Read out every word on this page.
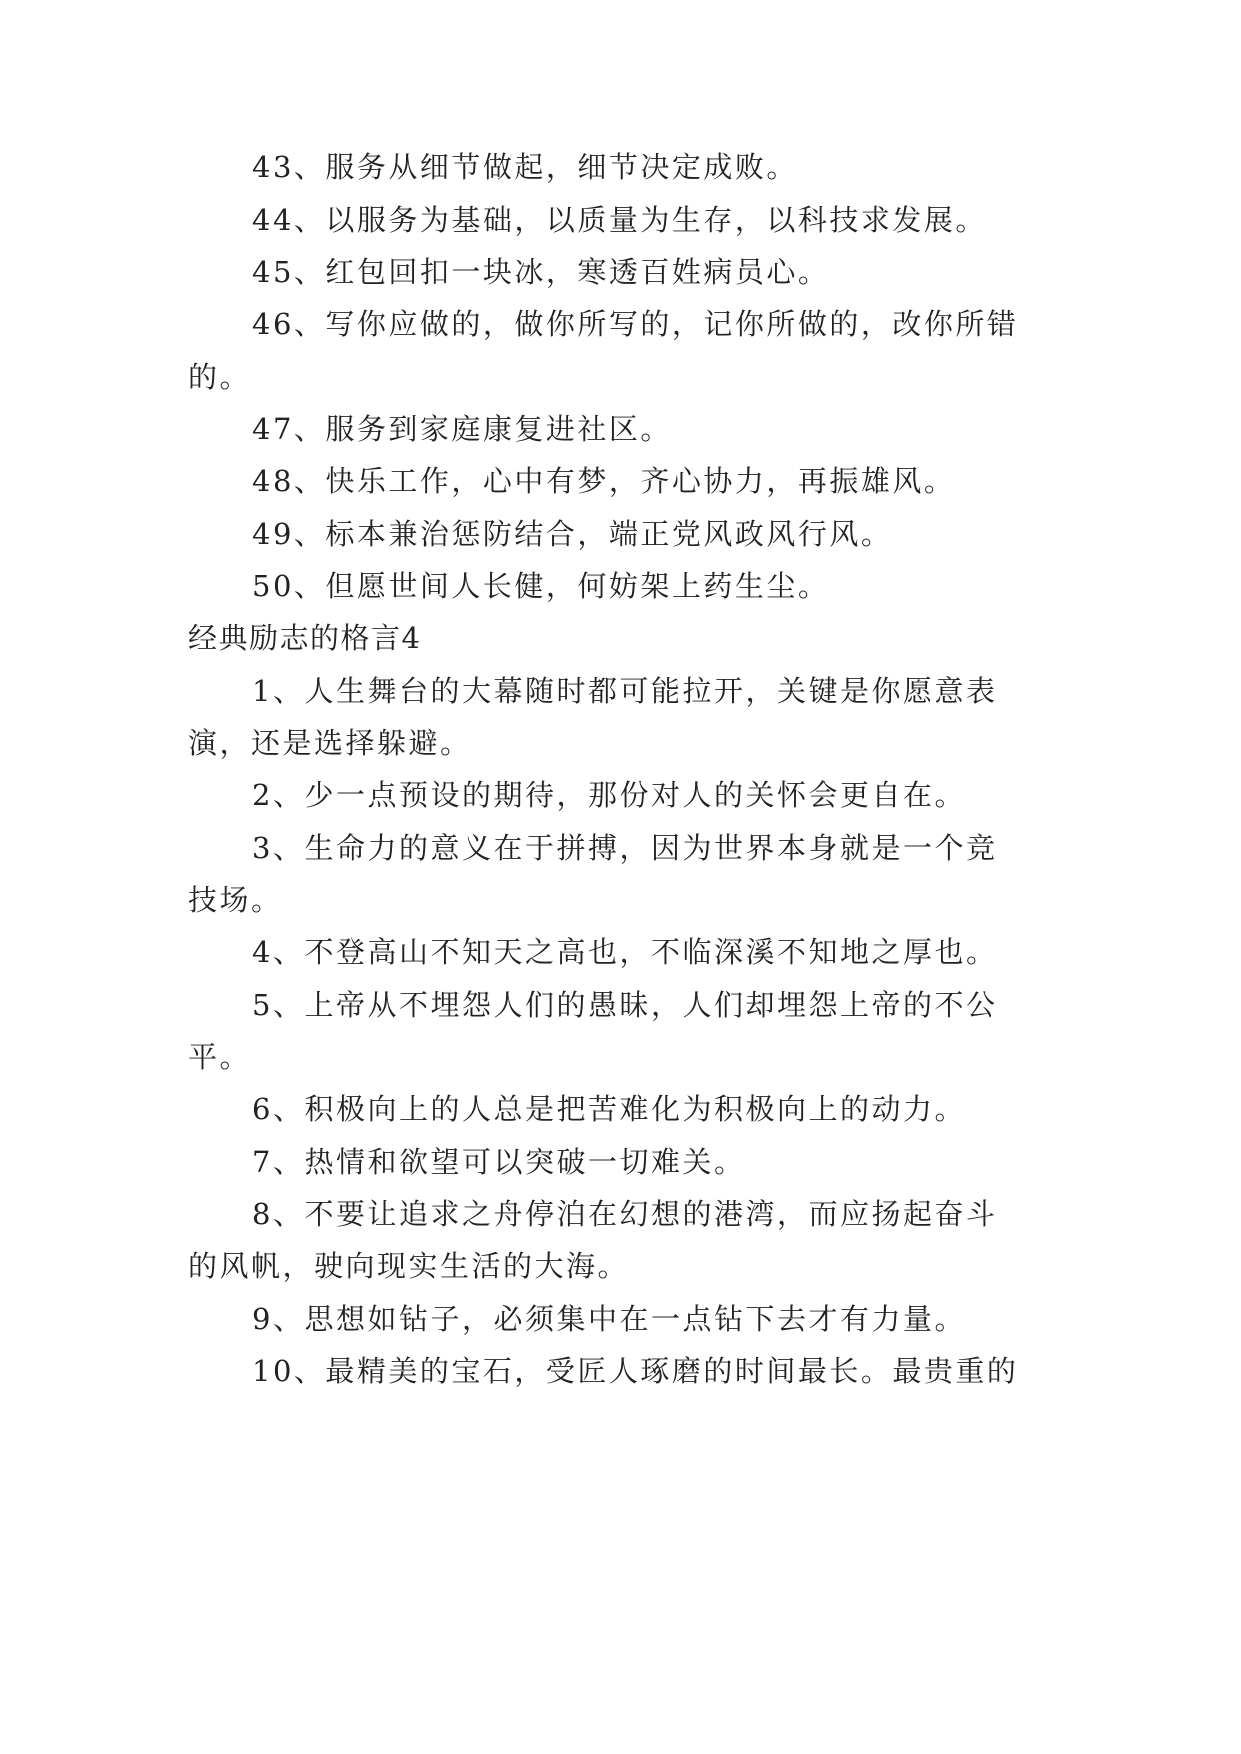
43、服务从细节做起，细节决定成败。
44、以服务为基础，以质量为生存，以科技求发展。
45、红包回扣一块冰，寒透百姓病员心。
46、写你应做的，做你所写的，记你所做的，改你所错
的。
47、服务到家庭康复进社区。
48、快乐工作，心中有梦，齐心协力，再振雄风。
49、标本兼治惩防结合，端正党风政风行风。
50、但愿世间人长健，何妨架上药生尘。
经典励志的格言4
1、人生舞台的大幕随时都可能拉开，关键是你愿意表
演，还是选择躲避。
2、少一点预设的期待，那份对人的关怀会更自在。
3、生命力的意义在于拼搏，因为世界本身就是一个竞
技场。
4、不登高山不知天之高也，不临深溪不知地之厚也。
5、上帝从不埋怨人们的愚昧，人们却埋怨上帝的不公
平。
6、积极向上的人总是把苦难化为积极向上的动力。
7、热情和欲望可以突破一切难关。
8、不要让追求之舟停泊在幻想的港湾，而应扬起奋斗
的风帆，驶向现实生活的大海。
9、思想如钻子，必须集中在一点钻下去才有力量。
10、最精美的宝石，受匠人琢磨的时间最长。最贵重的
